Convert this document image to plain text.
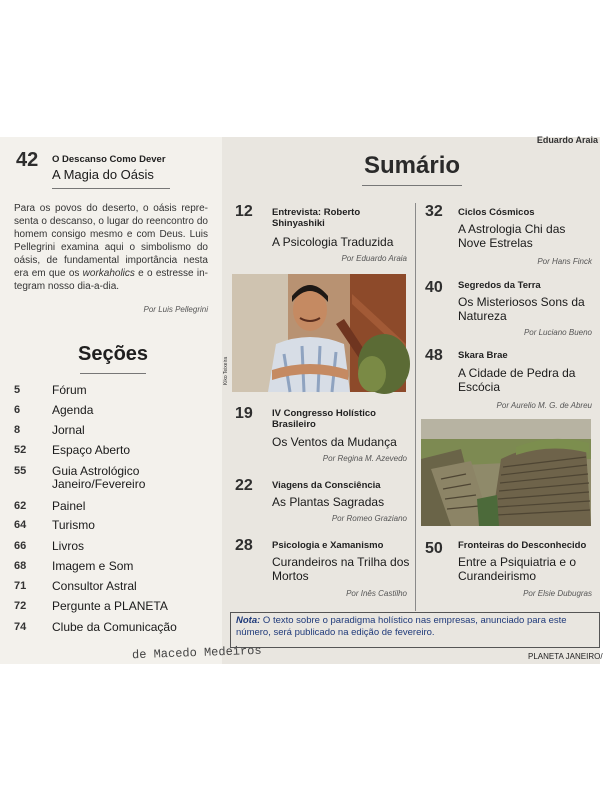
de Macedo Medeiros
42 O Descanso Como Dever
A Magia do Oásis
Para os povos do deserto, o oásis repre-senta o descanso, o lugar do reencontro do homem consigo mesmo e com Deus. Luis Pellegrini examina aqui o simbolismo do oásis, de fundamental importância nesta era em que os workaholics e o estresse in-tegram nosso dia-a-dia.
Por Luis Pellegrini
Seções
5	Fórum
6	Agenda
8	Jornal
52 Espaço Aberto
55 Guia Astrológico Janeiro/Fevereiro
62 Painel
64 Turismo
66 Livros
68 Imagem e Som
71 Consultor Astral
72 Pergunte a PLANETA
74 Clube da Comunicação
Eduardo Araia
Sumário
12 Entrevista: Roberto Shinyashiki
A Psicologia Traduzida
Por Eduardo Araia
Kiko Teixeira
19 IV Congresso Holístico Brasileiro
Os Ventos da Mudança
Por Regina M. Azevedo
22 Viagens da Consciência
As Plantas Sagradas
Por Romeo Graziano
28 Psicologia e Xamanismo
Curandeiros na Trilha dos Mortos
Por Inês Castilho
32 Ciclos Cósmicos
A Astrologia Chi das Nove Estrelas
Por Hans Finck
40 Segredos da Terra
Os Misteriosos Sons da Natureza
Por Luciano Bueno
48 Skara Brae
A Cidade de Pedra da Escócia
Por Aurelio M. G. de Abreu
50 Fronteiras do Desconhecido
Entre a Psiquiatria e o Curandeirismo
Por Elsie Dubugras
Nota: O texto sobre o paradigma holístico nas empresas, anunciado para este número, será publicado na edição de fevereiro.
PLANETA JANEIRO/
